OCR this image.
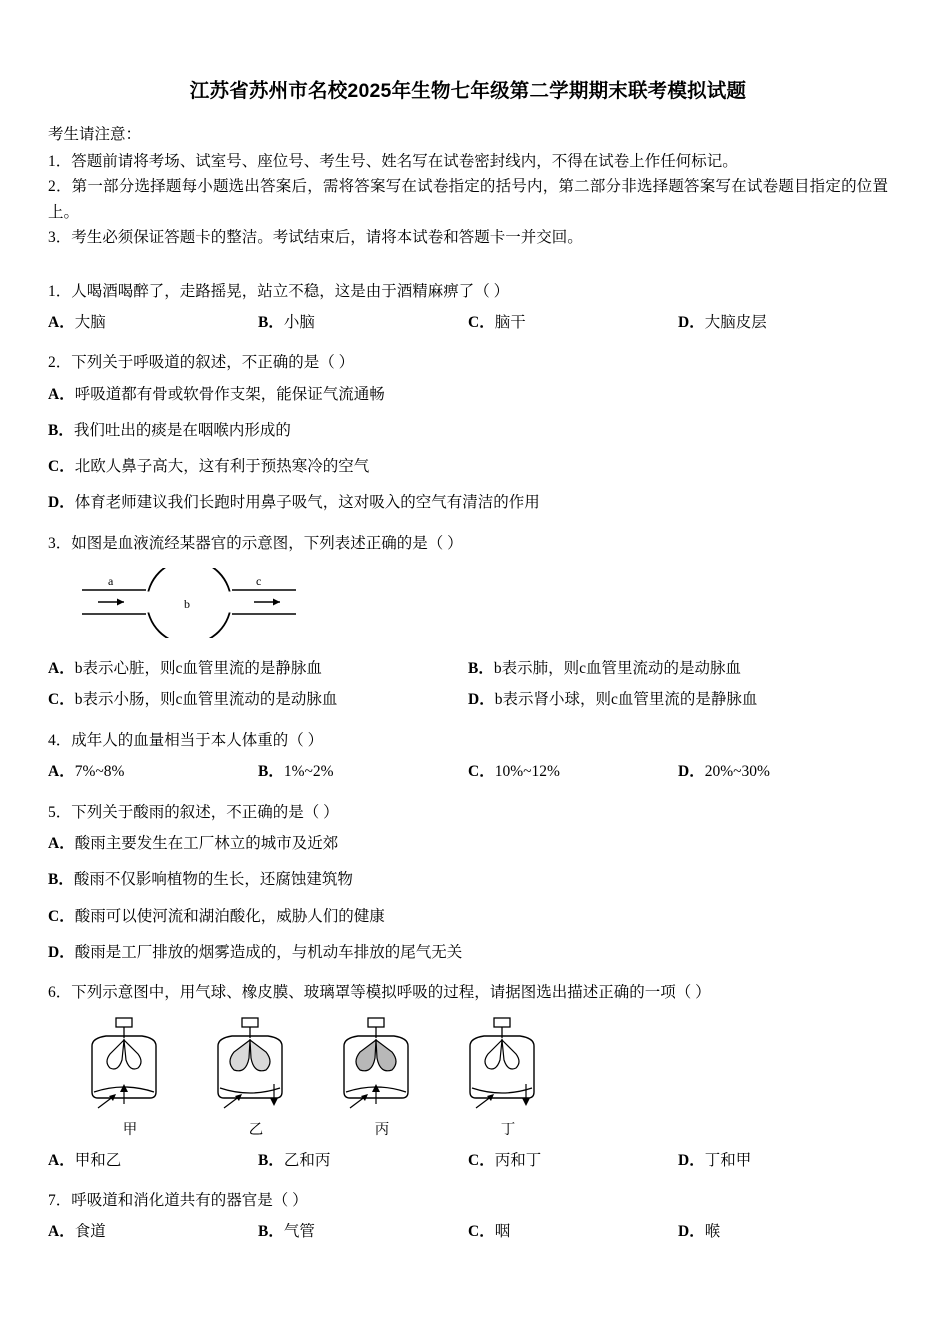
江苏省苏州市名校2025年生物七年级第二学期期末联考模拟试题

考生请注意：

1．答题前请将考场、试室号、座位号、考生号、姓名写在试卷密封线内，不得在试卷上作任何标记。

2．第一部分选择题每小题选出答案后，需将答案写在试卷指定的括号内，第二部分非选择题答案写在试卷题目指定的位置上。

3．考生必须保证答题卡的整洁。考试结束后，请将本试卷和答题卡一并交回。

1．人喝酒喝醉了，走路摇晃，站立不稳，这是由于酒精麻痹了（ ）

A．大脑	B．小脑	C．脑干	D．大脑皮层

2．下列关于呼吸道的叙述，不正确的是（ ）

A．呼吸道都有骨或软骨作支架，能保证气流通畅

B．我们吐出的痰是在咽喉内形成的

C．北欧人鼻子高大，这有利于预热寒冷的空气

D．体育老师建议我们长跑时用鼻子吸气，这对吸入的空气有清洁的作用

3．如图是血液流经某器官的示意图，下列表述正确的是（ ）

a
b
c
A．b表示心脏，则c血管里流的是静脉血	B．b表示肺，则c血管里流动的是动脉血
C．b表示小肠，则c血管里流动的是动脉血	D．b表示肾小球，则c血管里流的是静脉血

4．成年人的血量相当于本人体重的（ ）

A．7%~8%	B．1%~2%	C．10%~12%	D．20%~30%

5．下列关于酸雨的叙述，不正确的是（ ）

A．酸雨主要发生在工厂林立的城市及近郊

B．酸雨不仅影响植物的生长，还腐蚀建筑物

C．酸雨可以使河流和湖泊酸化，威胁人们的健康

D．酸雨是工厂排放的烟雾造成的，与机动车排放的尾气无关

6．下列示意图中，用气球、橡皮膜、玻璃罩等模拟呼吸的过程，请据图选出描述正确的一项（ ）

甲	乙	丙	丁
A．甲和乙	B．乙和丙	C．丙和丁	D．丁和甲

7．呼吸道和消化道共有的器官是（ ）

A．食道	B．气管	C．咽	D．喉
